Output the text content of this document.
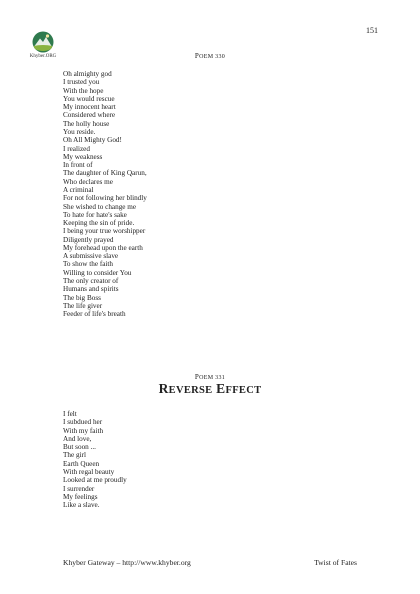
151
Khyber.ORG	POEM 330
Oh almighty god
I trusted you
With the hope
You would rescue
My innocent heart
Considered where
The holly house
You reside.
Oh All Mighty God!
I realized
My weakness
In front of
The daughter of King Qarun,
Who declares me
A criminal
For not following her blindly
She wished to change me
To hate for hate's sake
Keeping the sin of pride.
I being your true worshipper
Diligently prayed
My forehead upon the earth
A submissive slave
To show the faith
Willing to consider You
The only creator of
Humans and spirits
The big Boss
The life giver
Feeder of life's breath
POEM 331
REVERSE EFFECT
I felt
I subdued her
With my faith
And love,
But soon ...
The girl
Earth Queen
With regal beauty
Looked at me proudly
I surrender
My feelings
Like a slave.
Khyber Gateway – http://www.khyber.org	Twist of Fates
